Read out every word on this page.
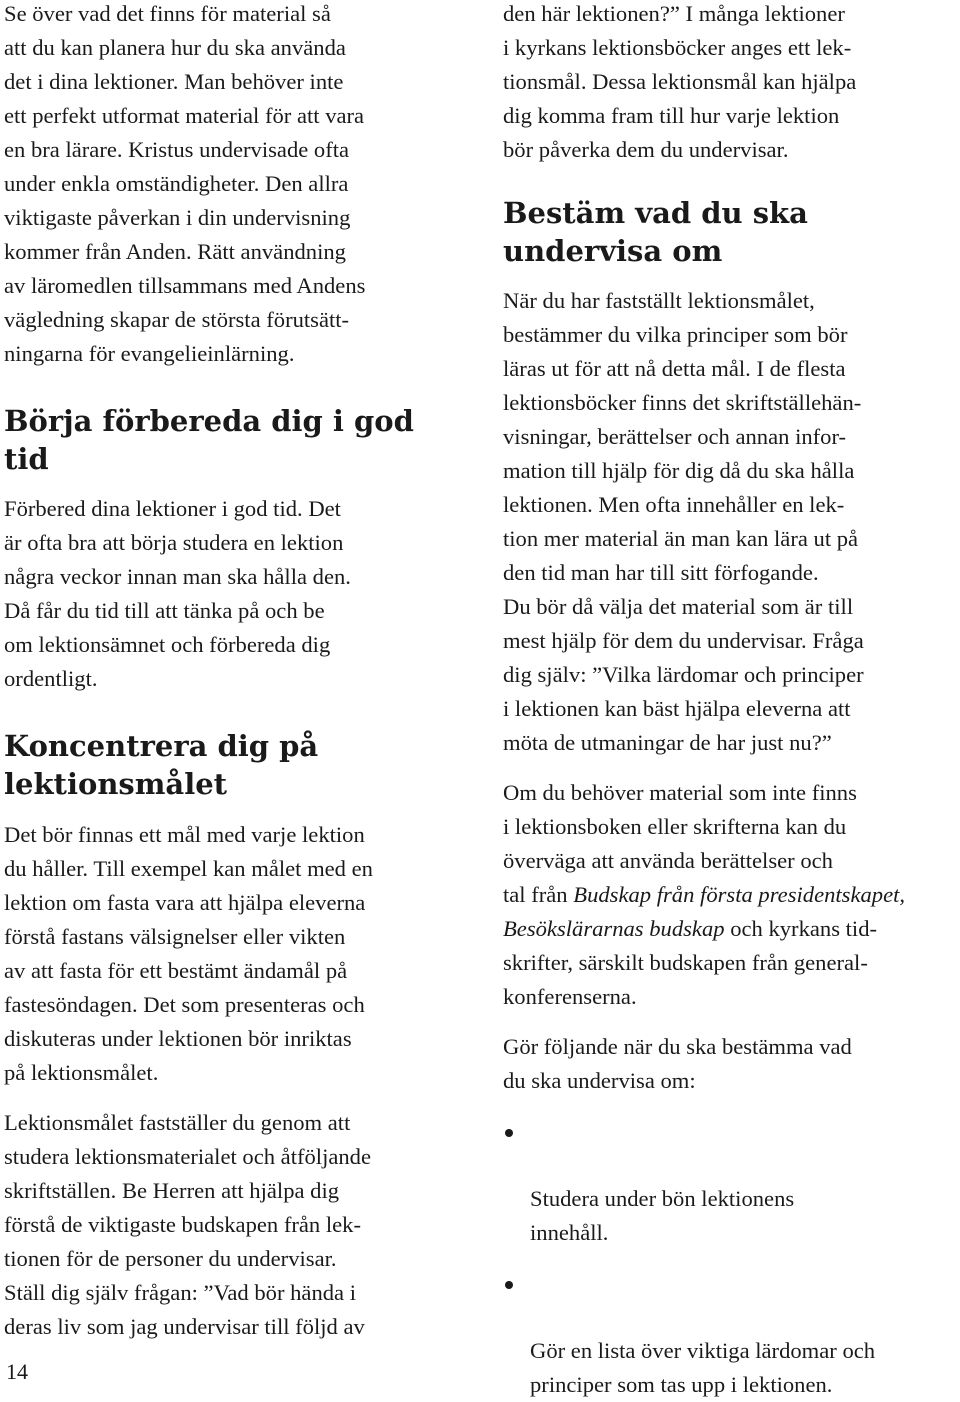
Se över vad det finns för material så
att du kan planera hur du ska använda
det i dina lektioner. Man behöver inte
ett perfekt utformat material för att vara
en bra lärare. Kristus undervisade ofta
under enkla omständigheter. Den allra
viktigaste påverkan i din undervisning
kommer från Anden. Rätt användning
av läromedlen tillsammans med Andens
vägledning skapar de största förutsätt-
ningarna för evangelieinlärning.

Börja förbereda dig i god tid

Förbered dina lektioner i god tid. Det
är ofta bra att börja studera en lektion
några veckor innan man ska hålla den.
Då får du tid till att tänka på och be
om lektionsämnet och förbereda dig
ordentligt.

Koncentrera dig på
lektionsmålet

Det bör finnas ett mål med varje lektion
du håller. Till exempel kan målet med en
lektion om fasta vara att hjälpa eleverna
förstå fastans välsignelser eller vikten
av att fasta för ett bestämt ändamål på
fastesöndagen. Det som presenteras och
diskuteras under lektionen bör inriktas
på lektionsmålet.

Lektionsmålet fastställer du genom att
studera lektionsmaterialet och åtföljande
skriftställen. Be Herren att hjälpa dig
förstå de viktigaste budskapen från lek-
tionen för de personer du undervisar.
Ställ dig själv frågan: ”Vad bör hända i
deras liv som jag undervisar till följd av

den här lektionen?” I många lektioner
i kyrkans lektionsböcker anges ett lek-
tionsmål. Dessa lektionsmål kan hjälpa
dig komma fram till hur varje lektion
bör påverka dem du undervisar.

Bestäm vad du ska
undervisa om

När du har fastställt lektionsmålet,
bestämmer du vilka principer som bör
läras ut för att nå detta mål. I de flesta
lektionsböcker finns det skriftställehän-
visningar, berättelser och annan infor-
mation till hjälp för dig då du ska hålla
lektionen. Men ofta innehåller en lek-
tion mer material än man kan lära ut på
den tid man har till sitt förfogande.
Du bör då välja det material som är till
mest hjälp för dem du undervisar. Fråga
dig själv: ”Vilka lärdomar och principer
i lektionen kan bäst hjälpa eleverna att
möta de utmaningar de har just nu?”

Om du behöver material som inte finns
i lektionsboken eller skrifterna kan du
överväga att använda berättelser och
tal från Budskap från första presidentskapet,
Besökslärarnas budskap och kyrkans tid-
skrifter, särskilt budskapen från general-
konferenserna.

Gör följande när du ska bestämma vad
du ska undervisa om:

Studera under bön lektionens
innehåll.

Gör en lista över viktiga lärdomar och
principer som tas upp i lektionen.

14
